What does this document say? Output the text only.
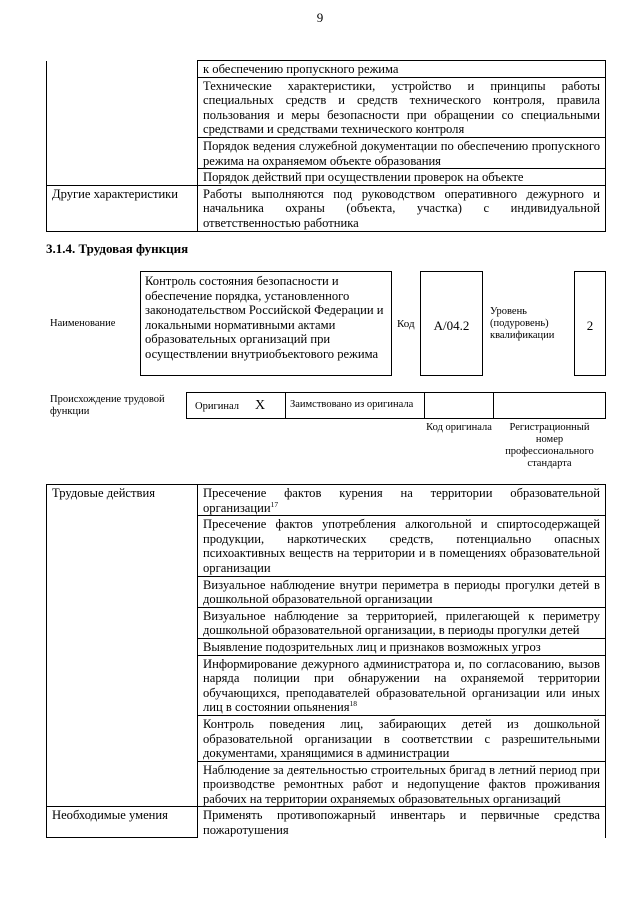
9
	к обеспечению пропускного режима
	Технические характеристики, устройство и принципы работы специальных средств и средств технического контроля, правила пользования и меры безопасности при обращении со специальными средствами и средствами технического контроля
	Порядок ведения служебной документации по обеспечению пропускного режима на охраняемом объекте образования
	Порядок действий при осуществлении проверок на объекте
Другие характеристики	Работы выполняются под руководством оперативного дежурного и начальника охраны (объекта, участка) с индивидуальной ответственностью работника
3.1.4. Трудовая функция
Наименование
Контроль состояния безопасности и обеспечение порядка, установленного законодательством Российской Федерации и локальными нормативными актами образовательных организаций при осуществлении внутриобъектового режима
Код	A/04.2
Уровень (подуровень) квалификации
2
Происхождение трудовой функции	Оригинал X	Заимствовано из оригинала
Код оригинала	Регистрационный номер профессионального стандарта
Трудовые действия	Пресечение фактов курения на территории образовательной организации$^{17}$
	Пресечение фактов употребления алкогольной и спиртосодержащей продукции, наркотических средств, потенциально опасных психоактивных веществ на территории и в помещениях образовательной организации
	Визуальное наблюдение внутри периметра в периоды прогулки детей в дошкольной образовательной организации
	Визуальное наблюдение за территорией, прилегающей к периметру дошкольной образовательной организации, в периоды прогулки детей
	Выявление подозрительных лиц и признаков возможных угроз
	Информирование дежурного администратора и, по согласованию, вызов наряда полиции при обнаружении на охраняемой территории обучающихся, преподавателей образовательной организации или иных лиц в состоянии опьянения$^{18}$
	Контроль поведения лиц, забирающих детей из дошкольной образовательной организации в соответствии с разрешительными документами, хранящимися в администрации
	Наблюдение за деятельностью строительных бригад в летний период при производстве ремонтных работ и недопущение фактов проживания рабочих на территории охраняемых образовательных организаций
Необходимые умения	Применять противопожарный инвентарь и первичные средства пожаротушения
